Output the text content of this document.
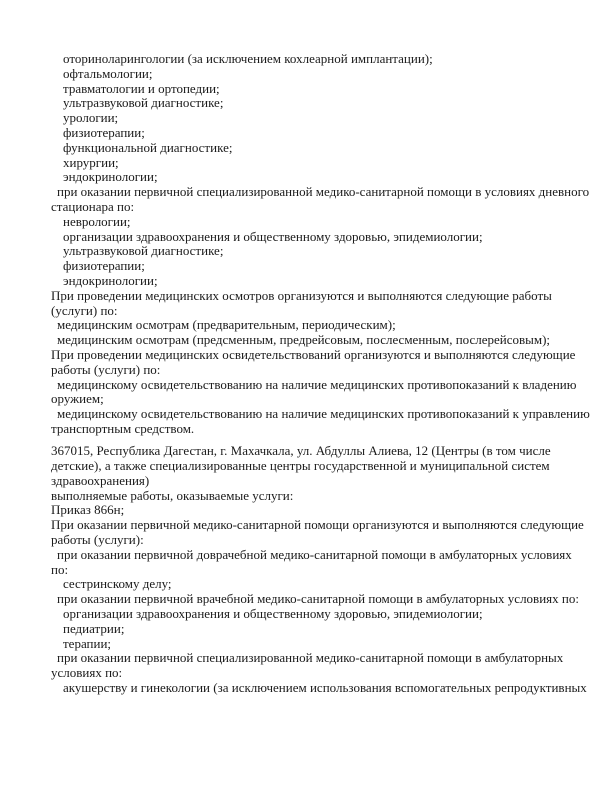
оториноларингологии (за исключением кохлеарной имплантации);
офтальмологии;
травматологии и ортопедии;
ультразвуковой диагностике;
урологии;
физиотерапии;
функциональной диагностике;
хирургии;
эндокринологии;
при оказании первичной специализированной медико-санитарной помощи в условиях дневного
стационара по:
неврологии;
организации здравоохранения и общественному здоровью, эпидемиологии;
ультразвуковой диагностике;
физиотерапии;
эндокринологии;
При проведении медицинских осмотров организуются и выполняются следующие работы
(услуги) по:
медицинским осмотрам (предварительным, периодическим);
медицинским осмотрам (предсменным, предрейсовым, послесменным, послерейсовым);
При проведении медицинских освидетельствований организуются и выполняются следующие
работы (услуги) по:
медицинскому освидетельствованию на наличие медицинских противопоказаний к владению
оружием;
медицинскому освидетельствованию на наличие медицинских противопоказаний к управлению
транспортным средством.
367015, Республика Дагестан, г. Махачкала, ул. Абдуллы Алиева, 12 (Центры (в том числе
детские), а также специализированные центры государственной и муниципальной систем
здравоохранения)
выполняемые работы, оказываемые услуги:
Приказ 866н;
При оказании первичной медико-санитарной помощи организуются и выполняются следующие
работы (услуги):
при оказании первичной доврачебной медико-санитарной помощи в амбулаторных условиях
по:
сестринскому делу;
при оказании первичной врачебной медико-санитарной помощи в амбулаторных условиях по:
организации здравоохранения и общественному здоровью, эпидемиологии;
педиатрии;
терапии;
при оказании первичной специализированной медико-санитарной помощи в амбулаторных
условиях по:
акушерству и гинекологии (за исключением использования вспомогательных репродуктивных
